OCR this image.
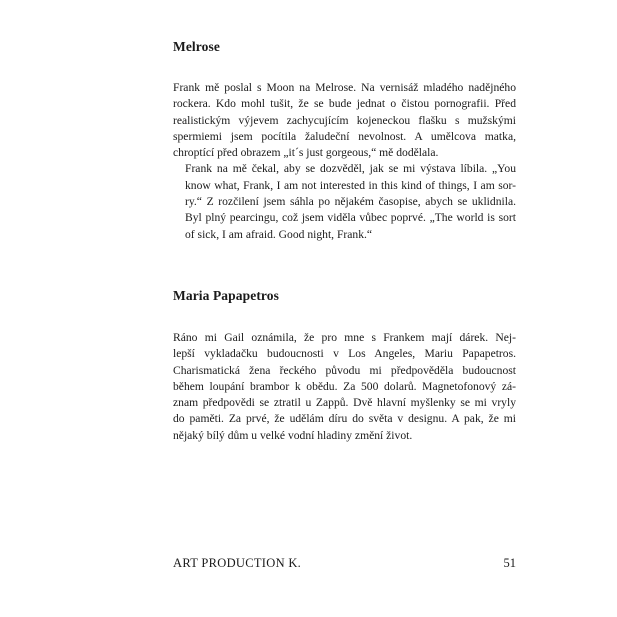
Melrose

Frank mě poslal s Moon na Melrose. Na vernisáž mladého nadějného
rockera. Kdo mohl tušit, že se bude jednat o čistou pornografii. Před
realistickým výjevem zachycujícím kojeneckou flašku s mužskými
spermiemi jsem pocítila žaludeční nevolnost. A umělcova matka,
chroptící před obrazem „it´s just gorgeous,“ mě dodělala.

Frank na mě čekal, aby se dozvěděl, jak se mi výstava líbila. „You
know what, Frank, I am not interested in this kind of things, I am sor-
ry.“ Z rozčilení jsem sáhla po nějakém časopise, abych se uklidnila.
Byl plný pearcingu, což jsem viděla vůbec poprvé. „The world is sort
of sick, I am afraid. Good night, Frank.“

Maria Papapetros

Ráno mi Gail oznámila, že pro mne s Frankem mají dárek. Nej-
lepší vykladačku budoucnosti v Los Angeles, Mariu Papapetros.
Charismatická žena řeckého původu mi předpověděla budoucnost
během loupání brambor k obědu. Za 500 dolarů. Magnetofonový zá-
znam předpovědi se ztratil u Zappů. Dvě hlavní myšlenky se mi vryly
do paměti. Za prvé, že udělám díru do světa v designu. A pak, že mi
nějaký bílý dům u velké vodní hladiny změní život.

ART PRODUCTION K.	51
